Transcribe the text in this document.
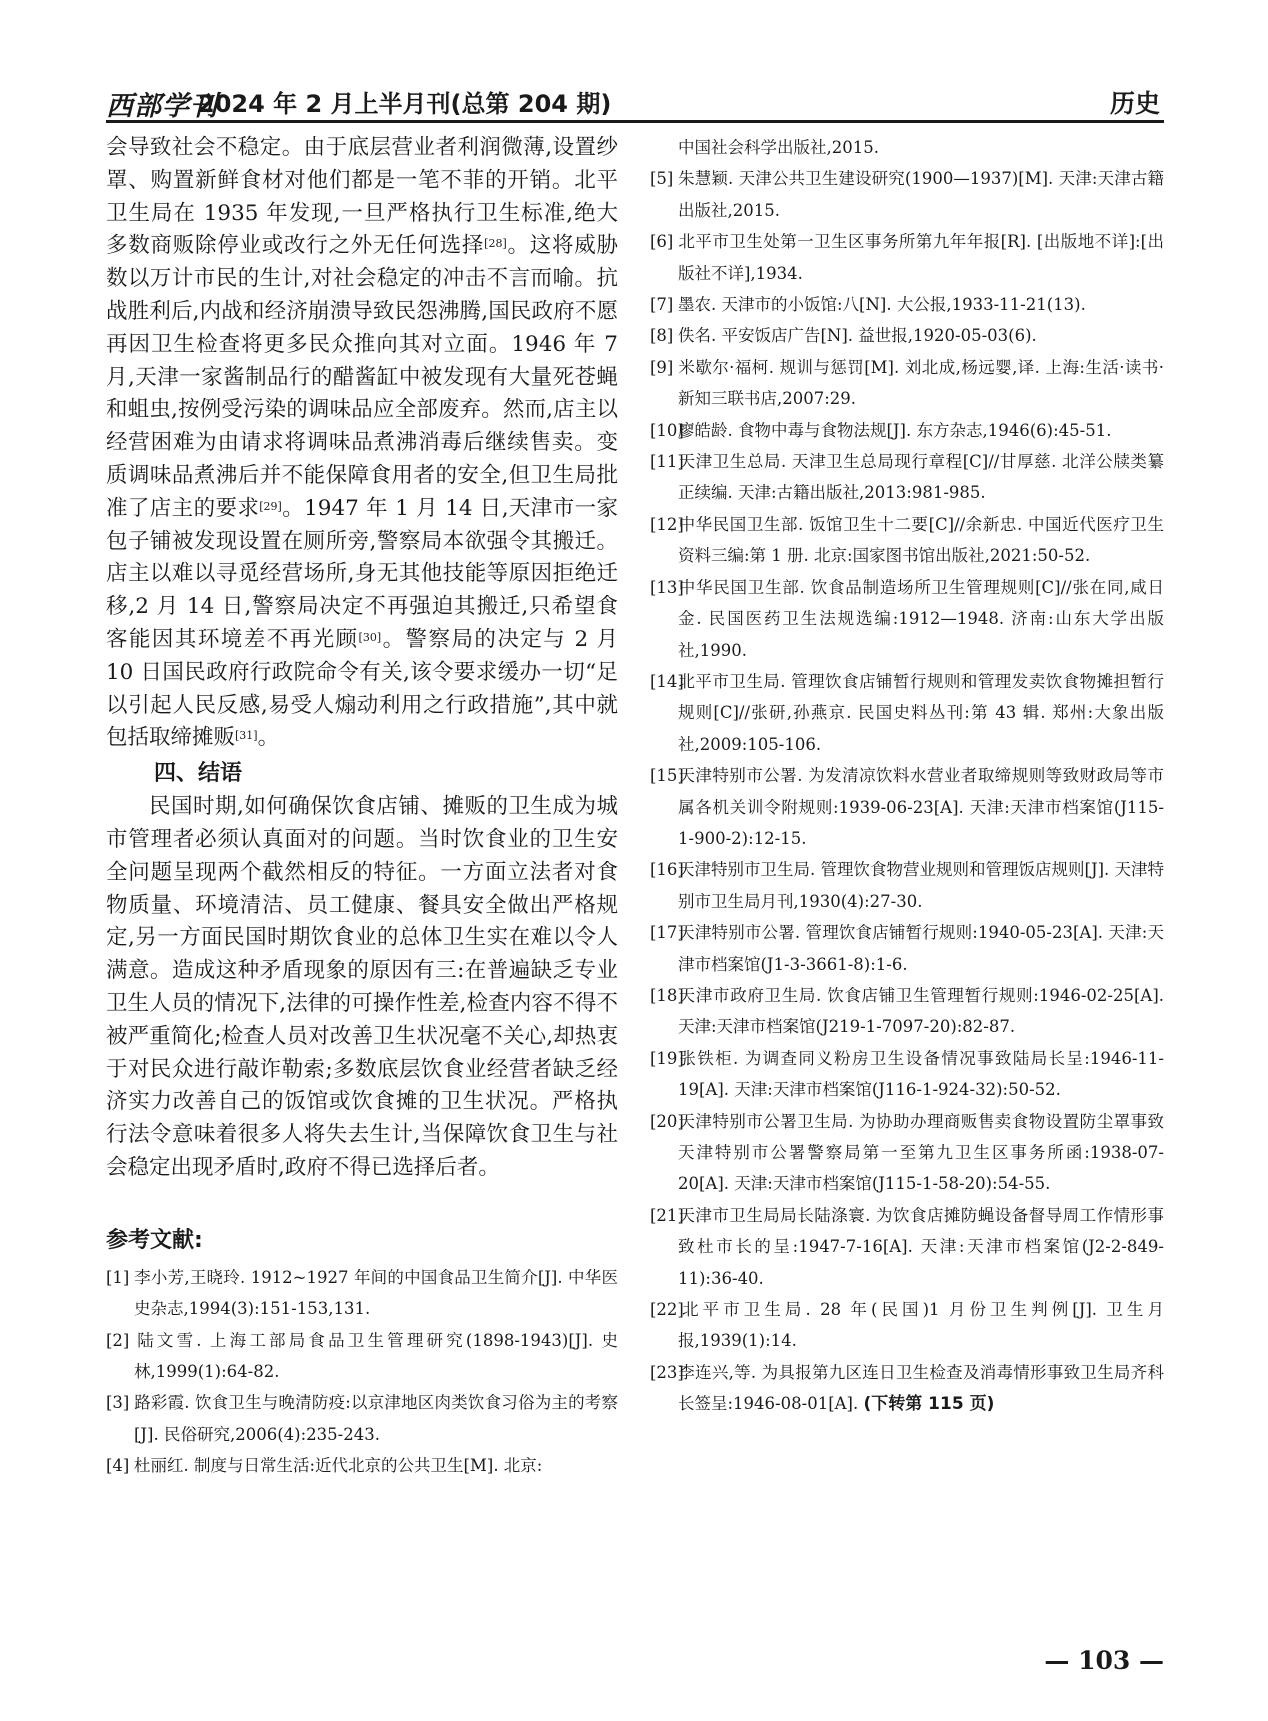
西部学刊
2024 年 2 月上半月刊(总第 204 期)	历史

会导致社会不稳定。由于底层营业者利润微薄,设置纱罩、购置新鲜食材对他们都是一笔不菲的开销。北平卫生局在 1935 年发现,一旦严格执行卫生标准,绝大多数商贩除停业或改行之外无任何选择[28]。这将威胁数以万计市民的生计,对社会稳定的冲击不言而喻。抗战胜利后,内战和经济崩溃导致民怨沸腾,国民政府不愿再因卫生检查将更多民众推向其对立面。1946 年 7 月,天津一家酱制品行的醋酱缸中被发现有大量死苍蝇和蛆虫,按例受污染的调味品应全部废弃。然而,店主以经营困难为由请求将调味品煮沸消毒后继续售卖。变质调味品煮沸后并不能保障食用者的安全,但卫生局批准了店主的要求[29]。1947 年 1 月 14 日,天津市一家包子铺被发现设置在厕所旁,警察局本欲强令其搬迁。店主以难以寻觅经营场所,身无其他技能等原因拒绝迁移,2 月 14 日,警察局决定不再强迫其搬迁,只希望食客能因其环境差不再光顾[30]。警察局的决定与 2 月 10 日国民政府行政院命令有关,该令要求缓办一切“足以引起人民反感,易受人煽动利用之行政措施”,其中就包括取缔摊贩[31]。

四、结语

民国时期,如何确保饮食店铺、摊贩的卫生成为城市管理者必须认真面对的问题。当时饮食业的卫生安全问题呈现两个截然相反的特征。一方面立法者对食物质量、环境清洁、员工健康、餐具安全做出严格规定,另一方面民国时期饮食业的总体卫生实在难以令人满意。造成这种矛盾现象的原因有三:在普遍缺乏专业卫生人员的情况下,法律的可操作性差,检查内容不得不被严重简化;检查人员对改善卫生状况毫不关心,却热衷于对民众进行敲诈勒索;多数底层饮食业经营者缺乏经济实力改善自己的饭馆或饮食摊的卫生状况。严格执行法令意味着很多人将失去生计,当保障饮食卫生与社会稳定出现矛盾时,政府不得已选择后者。

参考文献:

[1] 李小芳,王晓玲. 1912~1927 年间的中国食品卫生简介[J]. 中华医史杂志,1994(3):151-153,131.

[2] 陆文雪. 上海工部局食品卫生管理研究(1898-1943)[J]. 史林,1999(1):64-82.

[3] 路彩霞. 饮食卫生与晚清防疫:以京津地区肉类饮食习俗为主的考察[J]. 民俗研究,2006(4):235-243.

[4] 杜丽红. 制度与日常生活:近代北京的公共卫生[M]. 北京:

中国社会科学出版社,2015.

[5] 朱慧颖. 天津公共卫生建设研究(1900—1937)[M]. 天津:天津古籍出版社,2015.

[6] 北平市卫生处第一卫生区事务所第九年年报[R]. [出版地不详]:[出版社不详],1934.

[7] 墨农. 天津市的小饭馆:八[N]. 大公报,1933-11-21(13).

[8] 佚名. 平安饭店广告[N]. 益世报,1920-05-03(6).

[9] 米歇尔·福柯. 规训与惩罚[M]. 刘北成,杨远婴,译. 上海:生活·读书·新知三联书店,2007:29.

[10]廖皓龄. 食物中毒与食物法规[J]. 东方杂志,1946(6):45-51.

[11]天津卫生总局. 天津卫生总局现行章程[C]//甘厚慈. 北洋公牍类纂正续编. 天津:古籍出版社,2013:981-985.

[12]中华民国卫生部. 饭馆卫生十二要[C]//余新忠. 中国近代医疗卫生资料三编:第 1 册. 北京:国家图书馆出版社,2021:50-52.

[13]中华民国卫生部. 饮食品制造场所卫生管理规则[C]//张在同,咸日金. 民国医药卫生法规选编:1912—1948. 济南:山东大学出版社,1990.

[14]北平市卫生局. 管理饮食店铺暂行规则和管理发卖饮食物摊担暂行规则[C]//张研,孙燕京. 民国史料丛刊:第 43 辑. 郑州:大象出版社,2009:105-106.

[15]天津特别市公署. 为发清凉饮料水营业者取缔规则等致财政局等市属各机关训令附规则:1939-06-23[A]. 天津:天津市档案馆(J115-1-900-2):12-15.

[16]天津特别市卫生局. 管理饮食物营业规则和管理饭店规则[J]. 天津特别市卫生局月刊,1930(4):27-30.

[17]天津特别市公署. 管理饮食店铺暂行规则:1940-05-23[A]. 天津:天津市档案馆(J1-3-3661-8):1-6.

[18]天津市政府卫生局. 饮食店铺卫生管理暂行规则:1946-02-25[A]. 天津:天津市档案馆(J219-1-7097-20):82-87.

[19]张铁柜. 为调查同义粉房卫生设备情况事致陆局长呈:1946-11-19[A]. 天津:天津市档案馆(J116-1-924-32):50-52.

[20]天津特别市公署卫生局. 为协助办理商贩售卖食物设置防尘罩事致天津特别市公署警察局第一至第九卫生区事务所函:1938-07-20[A]. 天津:天津市档案馆(J115-1-58-20):54-55.

[21]天津市卫生局局长陆涤寰. 为饮食店摊防蝇设备督导周工作情形事致杜市长的呈:1947-7-16[A]. 天津:天津市档案馆(J2-2-849-11):36-40.

[22]北平市卫生局. 28 年(民国)1 月份卫生判例[J]. 卫生月报,1939(1):14.

[23]李连兴,等. 为具报第九区连日卫生检查及消毒情形事致卫生局齐科长签呈:1946-08-01[A]. (下转第 115 页)

— 103 —
